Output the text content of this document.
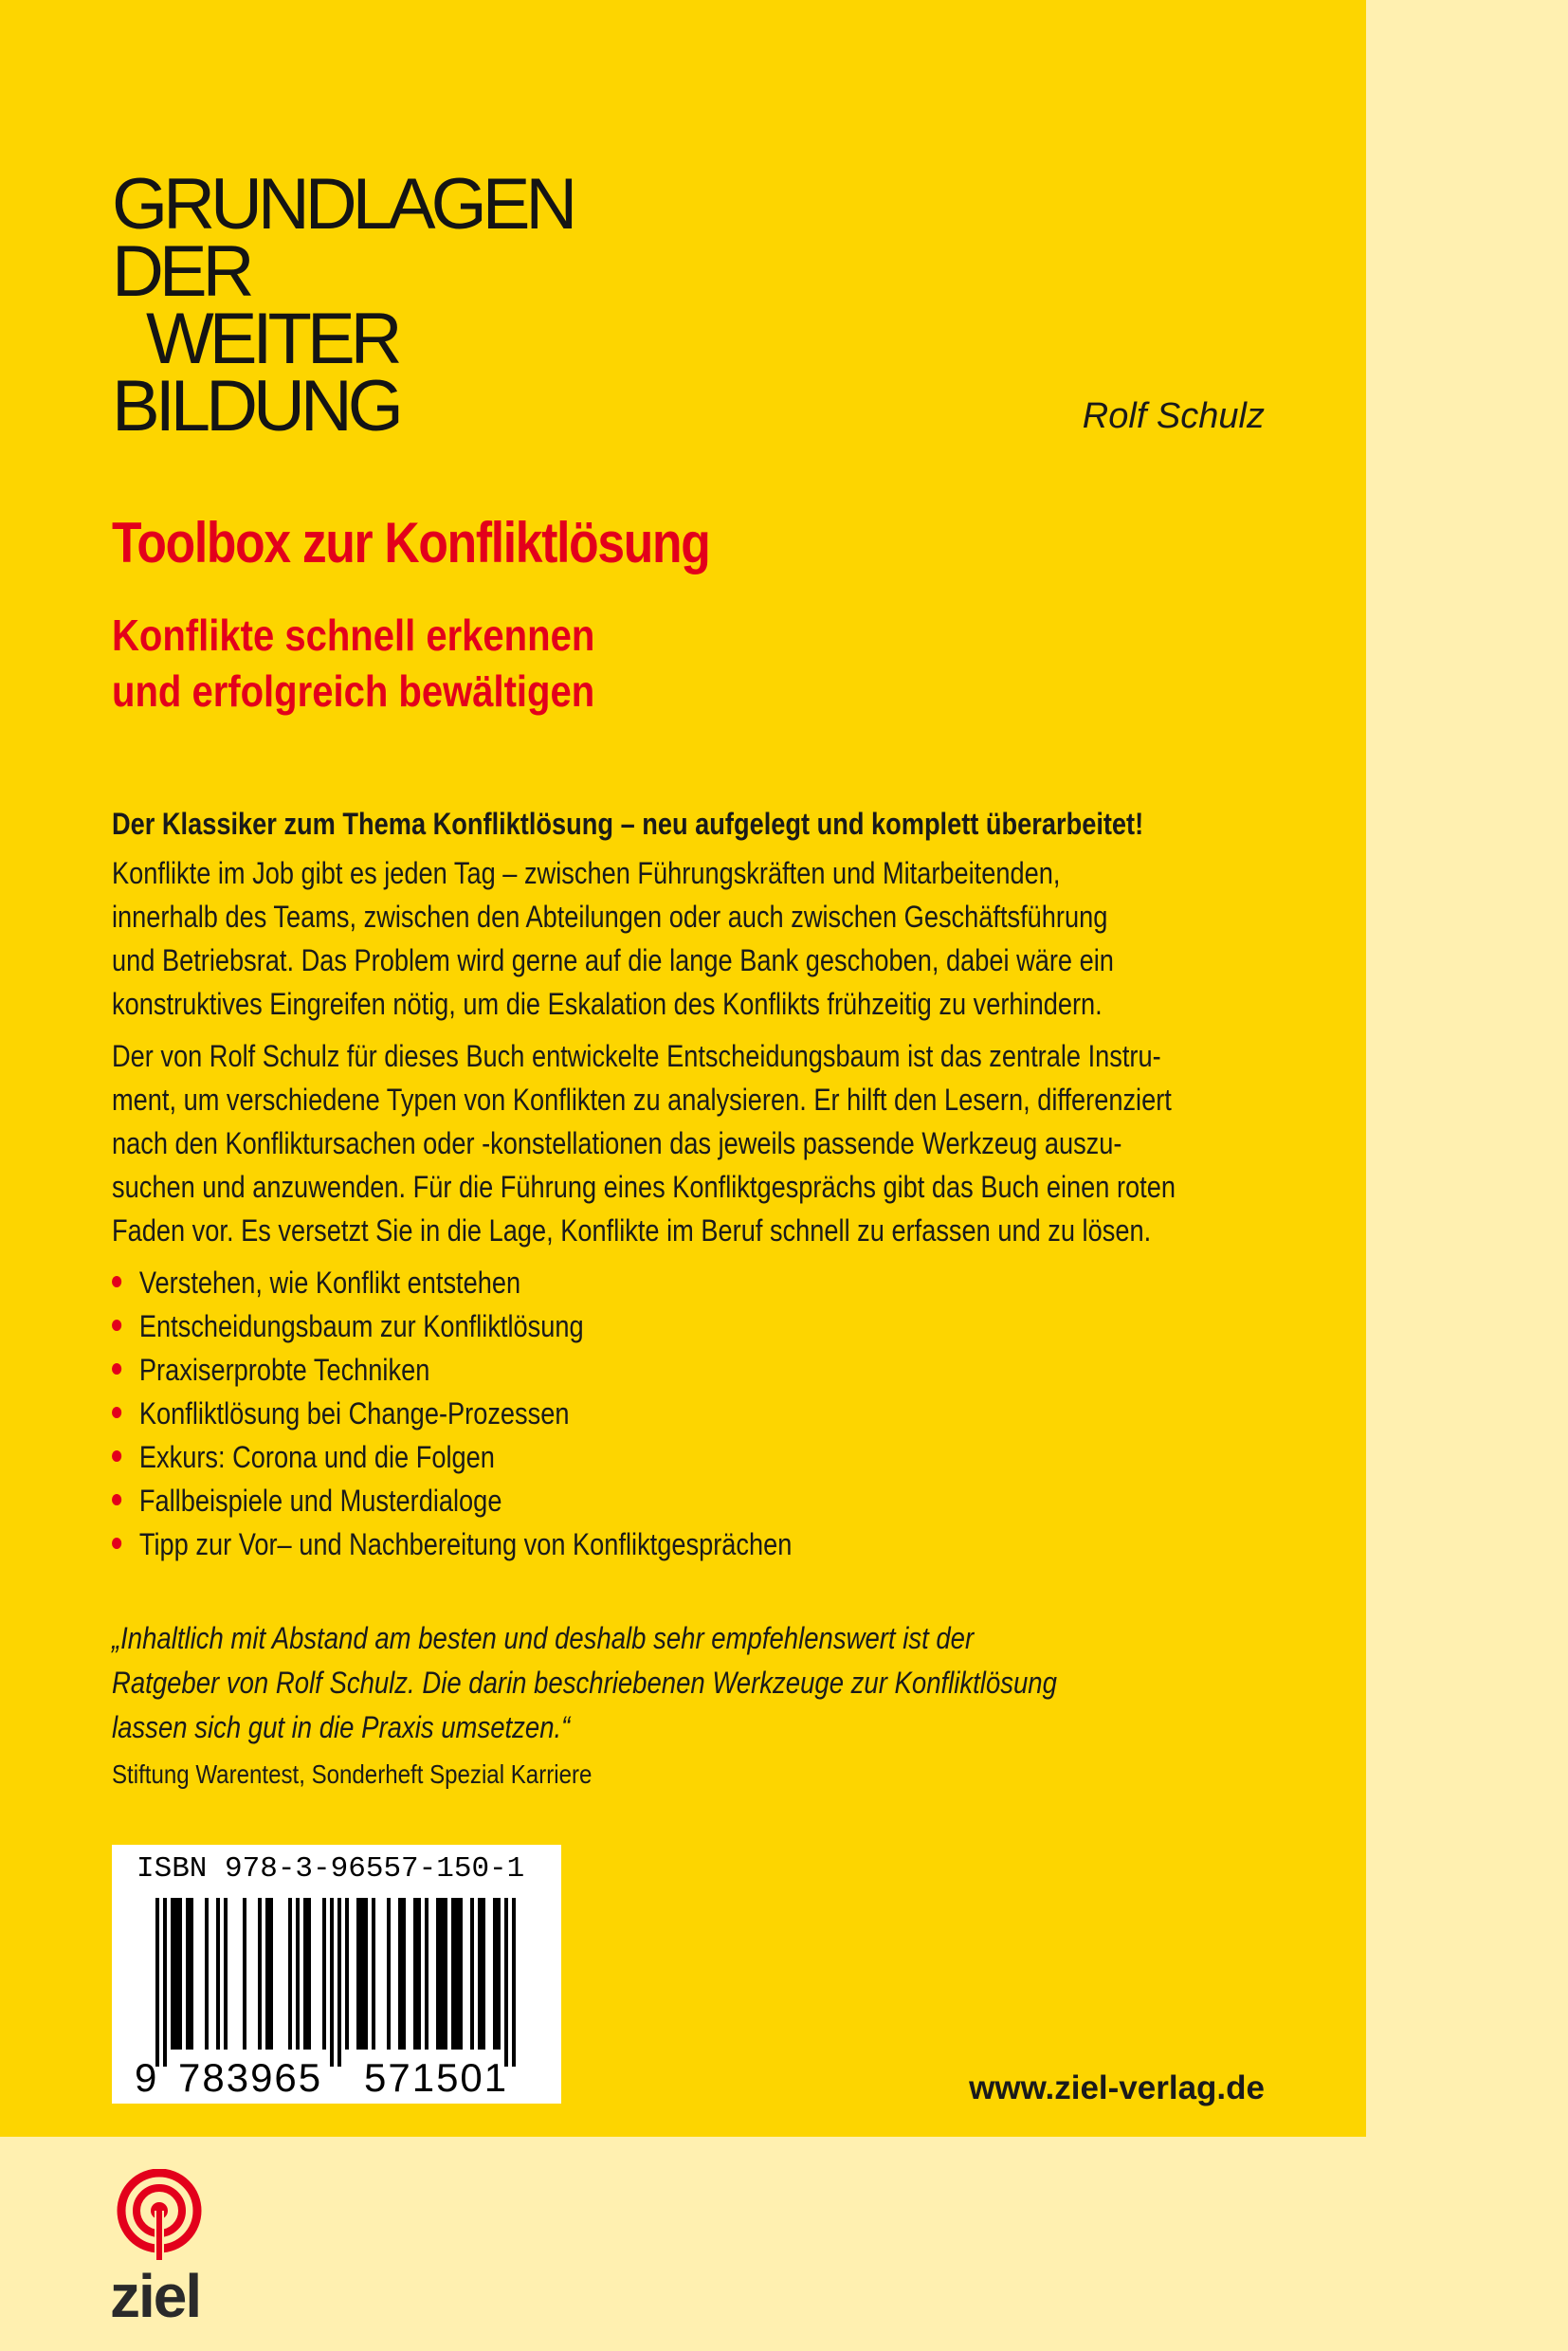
GRUNDLAGEN
DER
WEITER
BILDUNG	Rolf Schulz
Toolbox zur Konfliktlösung
Konflikte schnell erkennen
und erfolgreich bewältigen
Der Klassiker zum Thema Konfliktlösung – neu aufgelegt und komplett überarbeitet!
Konflikte im Job gibt es jeden Tag – zwischen Führungskräften und Mitarbeitenden,
innerhalb des Teams, zwischen den Abteilungen oder auch zwischen Geschäftsführung
und Betriebsrat. Das Problem wird gerne auf die lange Bank geschoben, dabei wäre ein
konstruktives Eingreifen nötig, um die Eskalation des Konflikts frühzeitig zu verhindern.
Der von Rolf Schulz für dieses Buch entwickelte Entscheidungsbaum ist das zentrale Instru-
ment, um verschiedene Typen von Konflikten zu analysieren. Er hilft den Lesern, differenziert
nach den Konfliktursachen oder -konstellationen das jeweils passende Werkzeug auszu-
suchen und anzuwenden. Für die Führung eines Konfliktgesprächs gibt das Buch einen roten
Faden vor. Es versetzt Sie in die Lage, Konflikte im Beruf schnell zu erfassen und zu lösen.
Verstehen, wie Konflikt entstehen
Entscheidungsbaum zur Konfliktlösung
Praxiserprobte Techniken
Konfliktlösung bei Change-Prozessen
Exkurs: Corona und die Folgen
Fallbeispiele und Musterdialoge
Tipp zur Vor– und Nachbereitung von Konfliktgesprächen
„Inhaltlich mit Abstand am besten und deshalb sehr empfehlenswert ist der
Ratgeber von Rolf Schulz. Die darin beschriebenen Werkzeuge zur Konfliktlösung
lassen sich gut in die Praxis umsetzen.“
Stiftung Warentest, Sonderheft Spezial Karriere
ISBN 978-3-96557-150-1
9 783965 571501	www.ziel-verlag.de
ziel
